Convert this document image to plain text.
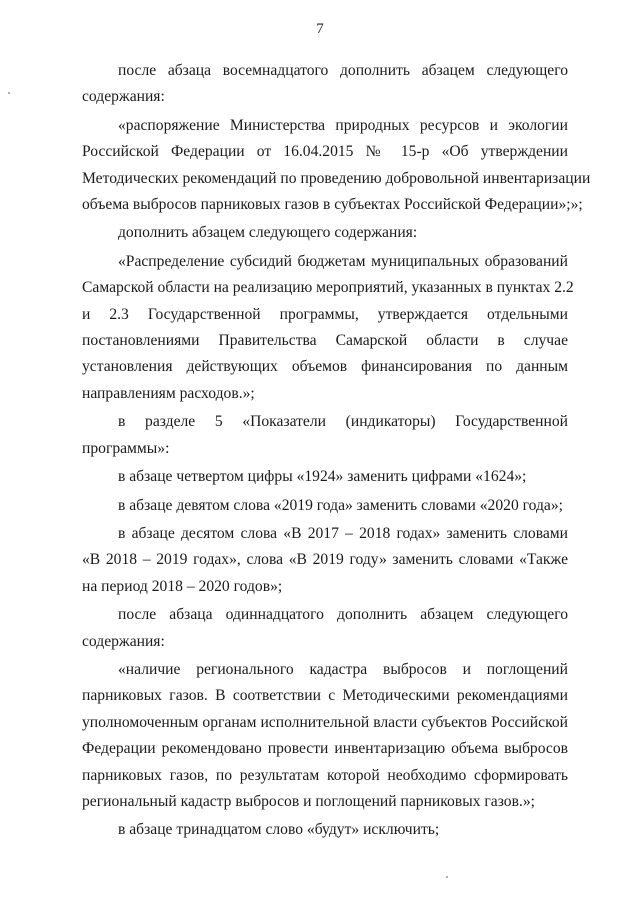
7

после абзаца восемнадцатого дополнить абзацем следующего
содержания:

«распоряжение Министерства природных ресурсов и экологии
Российской Федерации от 16.04.2015 № 15-р «Об утверждении
Методических рекомендаций по проведению добровольной инвентаризации
объема выбросов парниковых газов в субъектах Российской Федерации»;»;

дополнить абзацем следующего содержания:

«Распределение субсидий бюджетам муниципальных образований
Самарской области на реализацию мероприятий, указанных в пунктах 2.2
и 2.3 Государственной программы, утверждается отдельными
постановлениями Правительства Самарской области в случае
установления действующих объемов финансирования по данным
направлениям расходов.»;

в разделе 5 «Показатели (индикаторы) Государственной
программы»:

в абзаце четвертом цифры «1924» заменить цифрами «1624»;

в абзаце девятом слова «2019 года» заменить словами «2020 года»;

в абзаце десятом слова «В 2017 – 2018 годах» заменить словами
«В 2018 – 2019 годах», слова «В 2019 году» заменить словами «Также
на период 2018 – 2020 годов»;

после абзаца одиннадцатого дополнить абзацем следующего
содержания:

«наличие регионального кадастра выбросов и поглощений
парниковых газов. В соответствии с Методическими рекомендациями
уполномоченным органам исполнительной власти субъектов Российской
Федерации рекомендовано провести инвентаризацию объема выбросов
парниковых газов, по результатам которой необходимо сформировать
региональный кадастр выбросов и поглощений парниковых газов.»;

в абзаце тринадцатом слово «будут» исключить;
